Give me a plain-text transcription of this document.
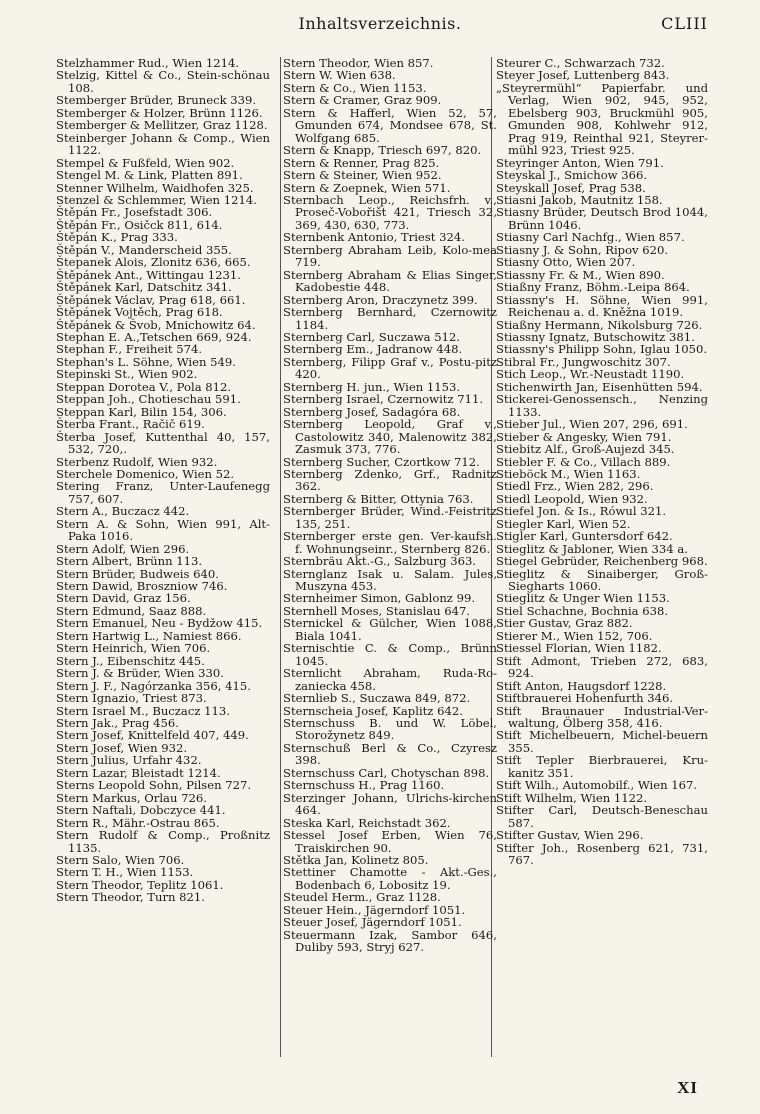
Inhaltsverzeichnis.	CLIII
Stelzhammer Rud., Wien 1214.
Stelzig, Kittel & Co., Stein-schönau 108.
Stemberger Brüder, Bruneck 339.
Stemberger & Holzer, Brünn 1126.
Stemberger & Mellitzer, Graz 1128.
Steinberger Johann & Comp., Wien 1122.
Stempel & Fußfeld, Wien 902.
Stengel M. & Link, Platten 891.
Stenner Wilhelm, Waidhofen 325.
Stenzel & Schlemmer, Wien 1214.
Štěpán Fr., Josefstadt 306.
Štěpán Fr., Osičck 811, 614.
Štěpán K., Prag 333.
Štěpán V., Manderscheid 355.
Štepanek Alois, Zlonitz 636, 665.
Štěpánek Ant., Wittingau 1231.
Štěpánek Karl, Datschitz 341.
Štěpánek Václav, Prag 618, 661.
Štěpánek Vojtěch, Prag 618.
Štěpánek & Švob, Mnichowitz 64.
Stephan E. A.,Tetschen 669, 924.
Stephan F., Freiheit 574.
Stephan's L. Söhne, Wien 549.
Stepinski St., Wien 902.
Steppan Dorotea V., Pola 812.
Steppan Joh., Chotieschau 591.
Steppan Karl, Bilin 154, 306.
Šterba Frant., Račič 619.
Šterba Josef, Kuttenthal 40, 157, 532, 720,.
Sterbenz Rudolf, Wien 932.
Sterchele Domenico, Wien 52.
Stering Franz, Unter-Laufenegg 757, 607.
Stern A., Buczacz 442.
Stern A. & Sohn, Wien 991, Alt-Paka 1016.
Stern Adolf, Wien 296.
Stern Albert, Brünn 113.
Stern Brüder, Budweis 640.
Stern Dawid, Broszniow 746.
Stern David, Graz 156.
Stern Edmund, Saaz 888.
Stern Emanuel, Neu - Bydžow 415.
Stern Hartwig L., Namiest 866.
Stern Heinrich, Wien 706.
Stern J., Eibenschitz 445.
Stern J. & Brüder, Wien 330.
Stern J. F., Nagórzanka 356, 415.
Stern Ignazio, Triest 873.
Stern Israel M., Buczacz 113.
Stern Jak., Prag 456.
Stern Josef, Knittelfeld 407, 449.
Stern Josef, Wien 932.
Stern Julius, Urfahr 432.
Stern Lazar, Bleistadt 1214.
Sterns Leopold Sohn, Pilsen 727.
Stern Markus, Orlau 726.
Stern Naftali, Dobczyce 441.
Stern R., Mähr.-Ostrau 865.
Stern Rudolf & Comp., Proßnitz 1135.
Stern Salo, Wien 706.
Stern T. H., Wien 1153.
Stern Theodor, Teplitz 1061.
Stern Theodor, Turn 821.
Stern Theodor, Wien 857.
Stern W. Wien 638.
Stern & Co., Wien 1153.
Stern & Cramer, Graz 909.
Stern & Hafferl, Wien 52, 57, Gmunden 674, Mondsee 678, St. Wolfgang 685.
Stern & Knapp, Triesch 697, 820.
Stern & Renner, Prag 825.
Stern & Steiner, Wien 952.
Stern & Zoepnek, Wien 571.
Sternbach Leop., Reichsfrh. v., Proseč-Vobořišt 421, Triesch 32, 369, 430, 630, 773.
Sternbenk Antonio, Triest 324.
Sternberg Abraham Leib, Kolo-mea 719.
Sternberg Abraham & Elias Singer, Kadobestie 448.
Sternberg Aron, Draczynetz 399.
Sternberg Bernhard, Czernowitz 1184.
Sternberg Carl, Suczawa 512.
Sternberg Em., Jadranow 448.
Sternberg, Filipp Graf v., Postu-pitz 420.
Sternberg H. jun., Wien 1153.
Sternberg Israel, Czernowitz 711.
Sternberg Josef, Sadagóra 68.
Sternberg Leopold, Graf v., Castolowitz 340, Malenowitz 382, Zasmuk 373, 776.
Sternberg Sucher, Czortkow 712.
Sternberg Zdenko, Grf., Radnitz 362.
Sternberg & Bitter, Ottynia 763.
Sternberger Brüder, Wind.-Feistritz 135, 251.
Sternberger erste gen. Ver-kaufsh. f. Wohnungseinr., Sternberg 826.
Sternbräu Akt.-G., Salzburg 363.
Sternglanz Isak u. Salam. Jules, Muszyna 453.
Sternheimer Simon, Gablonz 99.
Sternhell Moses, Stanislau 647.
Sternickel & Gülcher, Wien 1088, Biala 1041.
Sternischtie C. & Comp., Brünn 1045.
Sternlicht Abraham, Ruda-Ro-zaniecka 458.
Sternlieb S., Suczawa 849, 872.
Sternscheia Josef, Kaplitz 642.
Sternschuss B. und W. Löbel, Storožynetz 849.
Sternschuß Berl & Co., Czyresz 398.
Sternschuss Carl, Chotyschan 898.
Sternschuss H., Prag 1160.
Sterzinger Johann, Ulrichs-kirchen 464.
Steska Karl, Reichstadt 362.
Stessel Josef Erben, Wien 76, Traiskirchen 90.
Stětka Jan, Kolinetz 805.
Stettiner Chamotte - Akt.-Ges., Bodenbach 6, Lobositz 19.
Steudel Herm., Graz 1128.
Steuer Hein., Jägerndorf 1051.
Steuer Josef, Jägerndorf 1051.
Steuermann Izak, Sambor 646, Duliby 593, Stryj 627.
Steurer C., Schwarzach 732.
Steyer Josef, Luttenberg 843.
„Steyrermühl“ Papierfabr. und Verlag, Wien 902, 945, 952, Ebelsberg 903, Bruckmühl 905, Gmunden 908, Kohlwehr 912, Prag 919, Reinthal 921, Steyrer-mühl 923, Triest 925.
Steyringer Anton, Wien 791.
Steyskal J., Smichow 366.
Steyskall Josef, Prag 538.
Stiasni Jakob, Mautnitz 158.
Stiasny Brüder, Deutsch Brod 1044, Brünn 1046.
Stiasny Carl Nachfg., Wien 857.
Stiasny J. & Sohn, Ripov 620.
Stiasny Otto, Wien 207.
Stiassny Fr. & M., Wien 890.
Stiaßny Franz, Böhm.-Leipa 864.
Stiassny's H. Söhne, Wien 991, Reichenau a. d. Kněžna 1019.
Stiaßny Hermann, Nikolsburg 726.
Stiassny Ignatz, Butschowitz 381.
Stiassny's Philipp Sohn, Iglau 1050.
Stibral Fr., Jungwoschitz 307.
Stich Leop., Wr.-Neustadt 1190.
Stichenwirth Jan, Eisenhütten 594.
Stickerei-Genossensch., Nenzing 1133.
Stieber Jul., Wien 207, 296, 691.
Stieber & Angesky, Wien 791.
Stiebitz Alf., Groß-Aujezd 345.
Stiebler F. & Co., Villach 889.
Stieböck M., Wien 1163.
Stiedl Frz., Wien 282, 296.
Stiedl Leopold, Wien 932.
Stiefel Jon. & Is., Rówul 321.
Stiegler Karl, Wien 52.
Stigler Karl, Guntersdorf 642.
Stieglitz & Jabloner, Wien 334 a.
Stiegel Gebrüder, Reichenberg 968.
Stieglitz & Sinaiberger, Groß-Siegharts 1060.
Stieglitz & Unger Wien 1153.
Stiel Schachne, Bochnia 638.
Stier Gustav, Graz 882.
Stierer M., Wien 152, 706.
Stiessel Florian, Wien 1182.
Stift Admont, Trieben 272, 683, 924.
Stift Anton, Haugsdorf 1228.
Stiftbrauerei Hohenfurth 346.
Stift Braunauer Industrial-Ver-waltung, Ölberg 358, 416.
Stift Michelbeuern, Michel-beuern 355.
Stift Tepler Bierbrauerei, Kru-kanitz 351.
Stift Wilh., Automobilf., Wien 167.
Stift Wilhelm, Wien 1122.
Stifter Carl, Deutsch-Beneschau 587.
Stifter Gustav, Wien 296.
Stifter Joh., Rosenberg 621, 731, 767.
XI
